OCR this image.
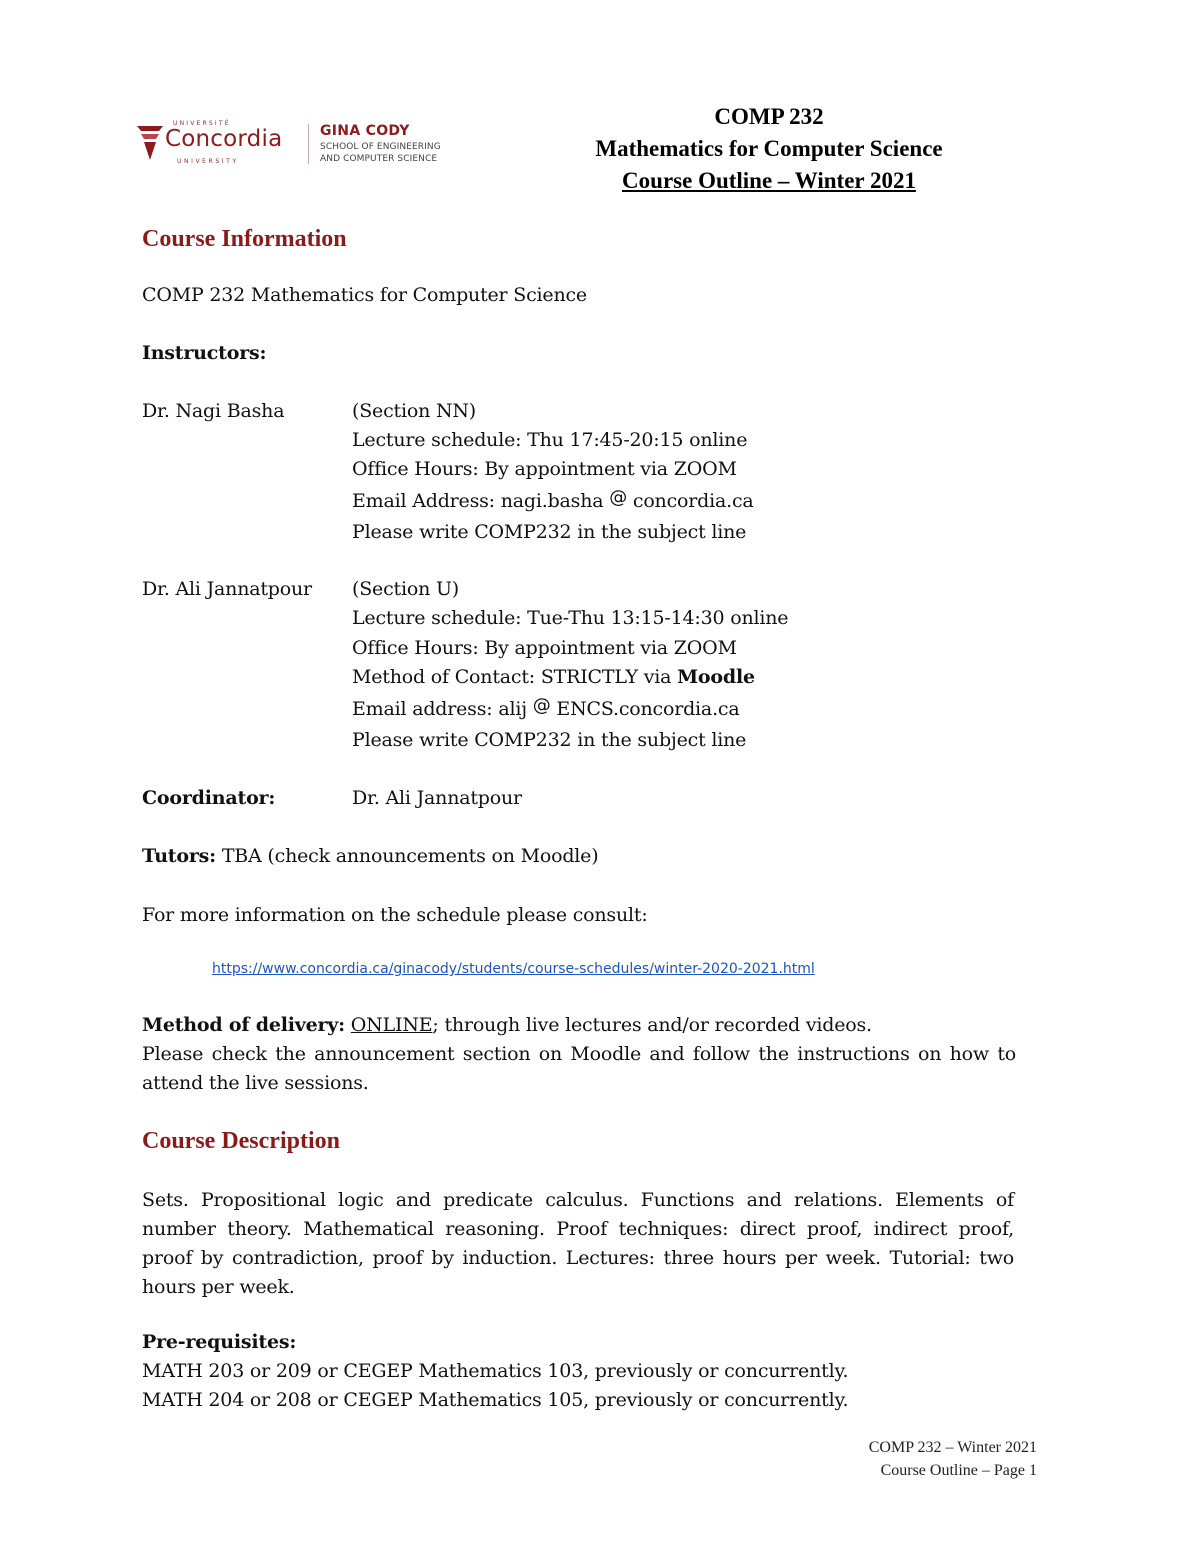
UNIVERSITÉ
Concordia
UNIVERSITY
GINA CODY
SCHOOL OF ENGINEERING
AND COMPUTER SCIENCE
COMP 232
Mathematics for Computer Science
Course Outline – Winter 2021
Course Information
COMP 232 Mathematics for Computer Science
Instructors:
Dr. Nagi Basha	(Section NN)
Lecture schedule: Thu 17:45-20:15 online
Office Hours: By appointment via ZOOM
Email Address: nagi.basha @ concordia.ca
Please write COMP232 in the subject line
Dr. Ali Jannatpour (Section U)
Lecture schedule: Tue-Thu 13:15-14:30 online
Office Hours: By appointment via ZOOM
Method of Contact: STRICTLY via Moodle
Email address: alij @ ENCS.concordia.ca
Please write COMP232 in the subject line
Coordinator:	Dr. Ali Jannatpour
Tutors: TBA (check announcements on Moodle)
For more information on the schedule please consult:
https://www.concordia.ca/ginacody/students/course-schedules/winter-2020-2021.html
Method of delivery: ONLINE; through live lectures and/or recorded videos.
Please check the announcement section on Moodle and follow the instructions on how to attend the live sessions.
Course Description
Sets. Propositional logic and predicate calculus. Functions and relations. Elements of number theory. Mathematical reasoning. Proof techniques: direct proof, indirect proof, proof by contradiction, proof by induction. Lectures: three hours per week. Tutorial: two hours per week.
Pre-requisites:
MATH 203 or 209 or CEGEP Mathematics 103, previously or concurrently.
MATH 204 or 208 or CEGEP Mathematics 105, previously or concurrently.
COMP 232 – Winter 2021
Course Outline – Page 1
